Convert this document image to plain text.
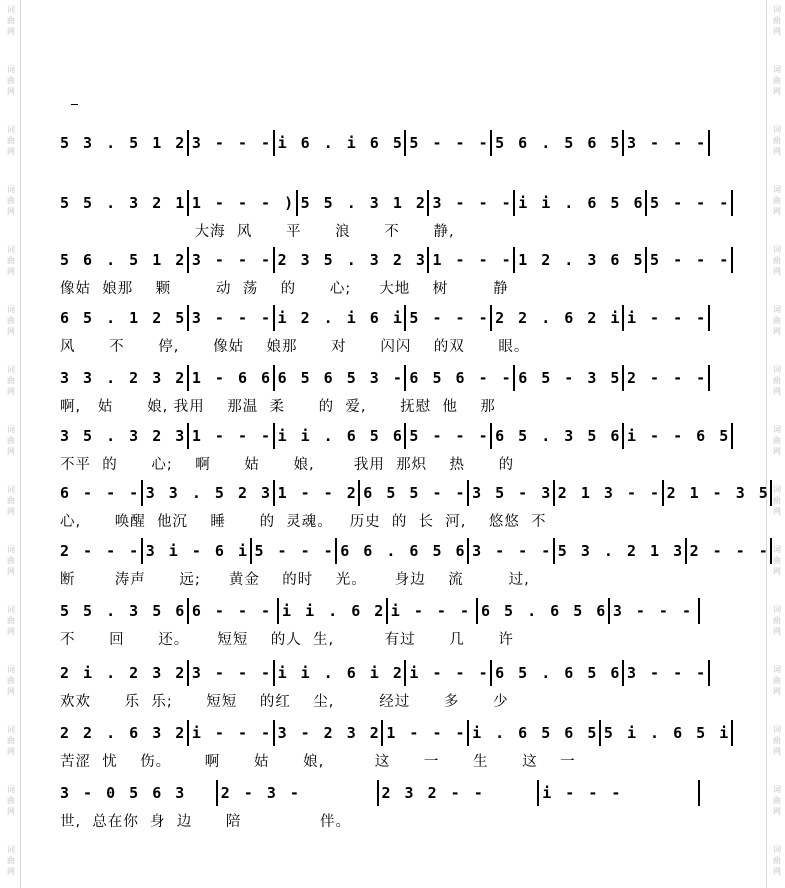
词
曲
网
词
曲
网
词
曲
网
词
曲
网
词
曲
网
词
曲
网
词
曲
网
词
曲
网
词
曲
网
词
曲
网
词
曲
网
词
曲
网
词
曲
网
词
曲
网
词
曲
网
词
曲
网
词
曲
网
词
曲
网
词
曲
网
词
曲
网
词
曲
网
词
曲
网
词
曲
网
词
曲
网
词
曲
网
词
曲
网
词
曲
网
词
曲
网
词
曲
网
词
曲
网
5 3 . 5 1 2 3 - - - i 6 . i 6 5 5 - - - 5 6 . 5 6 5 3 - - -
5 5 . 3 2 1 1 - - - ) 5 5 . 3 1 2 3 - - - i i . 6 5 6 5 - - -
大海  风      平      浪      不      静,
5 6 . 5 1 2 3 - - - 2 3 5 . 3 2 3 1 - - - 1 2 . 3 6 5 5 - - -
像姑  娘那    颗        动  荡    的      心;     大地    树        静
6 5 . 1 2 5 3 - - - i 2 . i 6 i 5 - - - 2 2 . 6 2 i i - - -
风      不      停,      像姑    娘那      对      闪闪    的双      眼。
3 3 . 2 3 2 1 - 6 6 6 5 6 5 3 - 6 5 6 - - 6 5 - 3 5 2 - - -
啊,   姑      娘, 我用    那温  柔      的  爱,      抚慰  他    那
3 5 . 3 2 3 1 - - - i i . 6 5 6 5 - - - 6 5 . 3 5 6 i - - 6 5
不平  的      心;    啊      姑      娘,       我用  那炽    热      的
6 - - - 3 3 . 5 2 3 1 - - 2 6 5 5 - - 3 5 - 3 2 1 3 - - 2 1 - 3 5
心,      唤醒  他沉    睡      的  灵魂。   历史  的  长  河,    悠悠  不
2 - - - 3 i - 6 i 5 - - - 6 6 . 6 5 6 3 - - - 5 3 . 2 1 3 2 - - -
断       涛声      远;     黄金    的时    光。     身边    流        过,
5 5 . 3 5 6 6 - - - i i . 6 2 i - - - 6 5 . 6 5 6 3 - - -
不      回      还。     短短    的人  生,         有过      几      许
2 i . 2 3 2 3 - - - i i . 6 i 2 i - - - 6 5 . 6 5 6 3 - - -
欢欢      乐  乐;      短短    的红    尘,        经过      多      少
2 2 . 6 3 2 i - - - 3 - 2 3 2 1 - - - i . 6 5 6 5 5 i . 6 5 i
苦涩  忧    伤。      啊      姑      娘,         这      一      生      这    一
3 - 0 5 6 3	2 - 3 -	2 3 2 - -	i - - -
世,  总在你  身  边      陪              伴。
